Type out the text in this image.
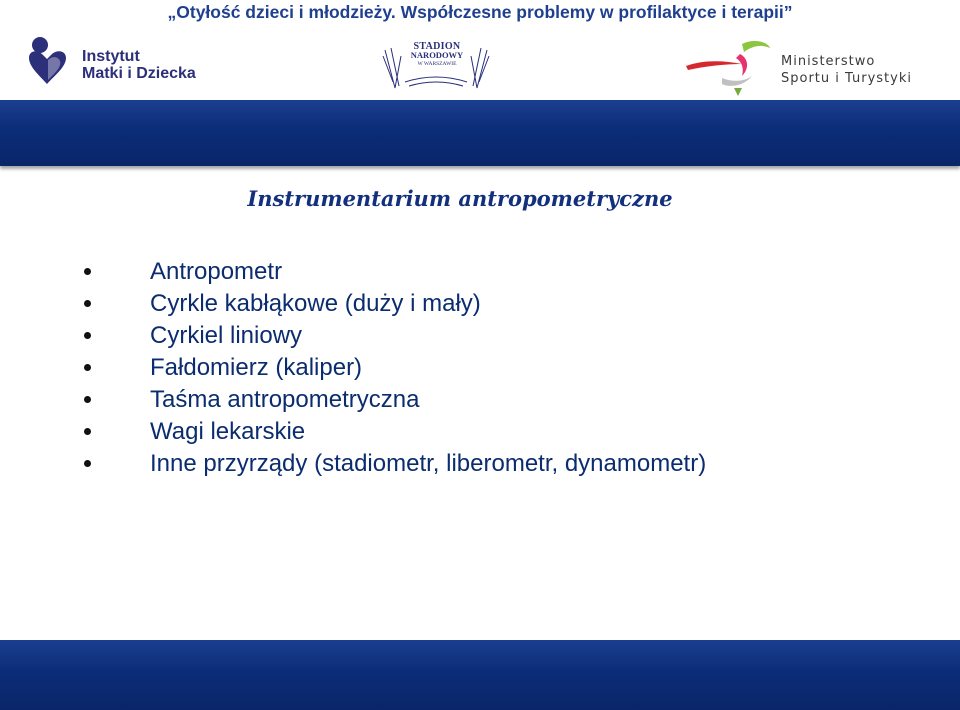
„Otyłość dzieci i młodzieży. Współczesne problemy w profilaktyce i terapii”
Instytut
Matki i Dziecka
STADION
NARODOWY
W WARSZAWIE	Ministerstwo
Sportu i Turystyki
Instrumentarium antropometryczne
Antropometr
Cyrkle kabłąkowe (duży i mały)
Cyrkiel liniowy
Fałdomierz (kaliper)
Taśma antropometryczna
Wagi lekarskie
Inne przyrządy (stadiometr, liberometr, dynamometr)
